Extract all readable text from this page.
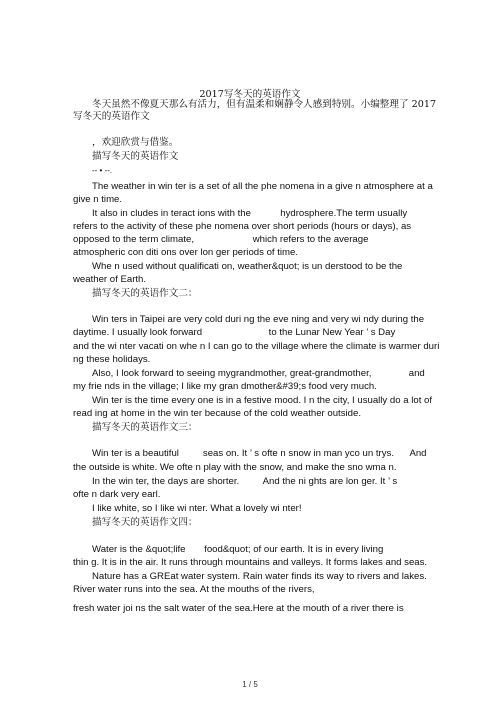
2017写冬天的英语作文
冬天虽然不像夏天那么有活力，但有温柔和娴静令人感到特别。小编整理了 2017
写冬天的英语作文
，欢迎欣赏与借鉴。
描写冬天的英语作文
-- • --.
The weather in win ter is a set of all the phe nomena in a give n atmosphere at a
give n time.
It also in cludes in teract ions with the           hydrosphere.The term usually
refers to the activity of these phe nomena over short periods (hours or days), as
opposed to the term climate,                      which refers to the average
atmospheric con diti ons over lon ger periods of time.
Whe n used without qualificati on, weather&quot; is un derstood to be the
weather of Earth.
描写冬天的英语作文二：
Win ters in Taipei are very cold duri ng the eve ning and very wi ndy during the
daytime. I usually look forward                         to the Lunar New Year ’ s Day
and the wi nter vacati on whe n I can go to the village where the climate is warmer duri
ng these holidays.
Also, I look forward to seeing mygrandmother, great-grandmother,              and
my frie nds in the village; I like my gran dmother&#39;s food very much.
Win ter is the time every one is in a festive mood. I n the city, I usually do a lot of
read ing at home in the win ter because of the cold weather outside.
描写冬天的英语作文三：
Win ter is a beautiful         seas on. It ’ s ofte n snow in man yco un trys.      And
the outside is white. We ofte n play with the snow, and make the sno wma n.
In the win ter, the days are shorter.         And the ni ghts are lon ger. It ’ s
ofte n dark very earl.
I like white, so I like wi nter. What a lovely wi nter!
描写冬天的英语作文四：
Water is the &quot;life       food&quot; of our earth. It is in every living
thin g. It is in the air. It runs through mountains and valleys. It forms lakes and seas.
Nature has a GREat water system. Rain water finds its way to rivers and lakes.
River water runs into the sea. At the mouths of the rivers,
fresh water joi ns the salt water of the sea.Here at the mouth of a river there is
1 / 5
